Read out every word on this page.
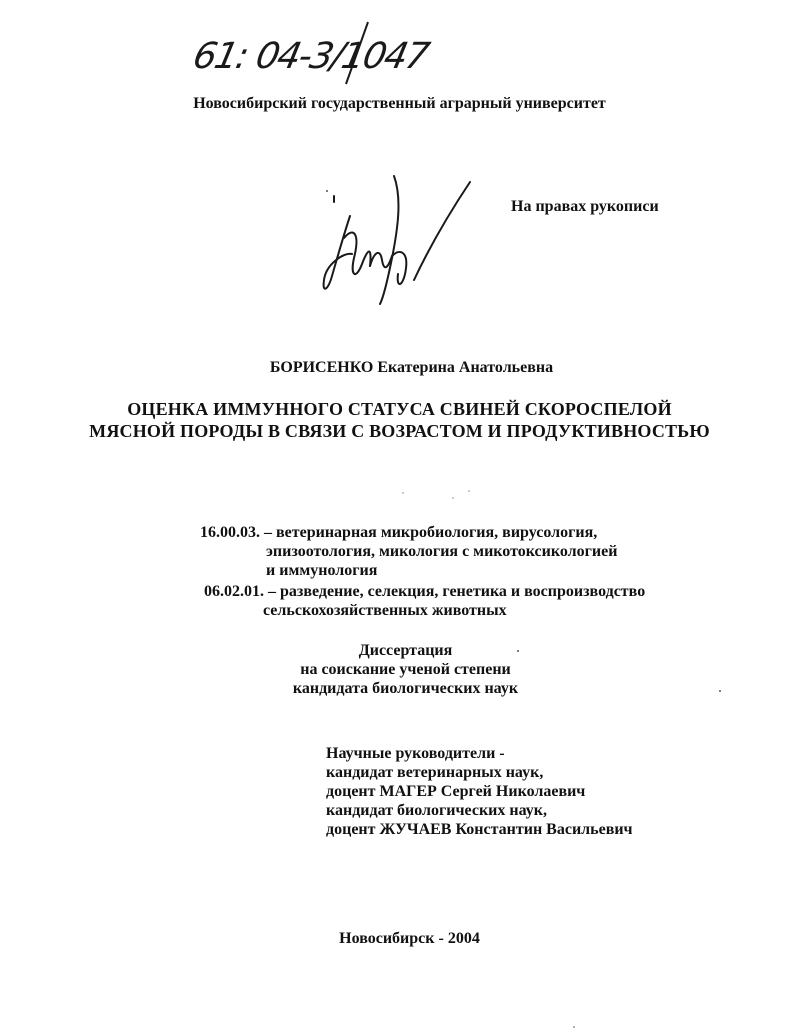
61: 04-3/1047
Новосибирский государственный аграрный университет
На правах рукописи
БОРИСЕНКО Екатерина Анатольевна
ОЦЕНКА ИММУННОГО СТАТУСА СВИНЕЙ СКОРОСПЕЛОЙ
МЯСНОЙ ПОРОДЫ В СВЯЗИ С ВОЗРАСТОМ И ПРОДУКТИВНОСТЬЮ
16.00.03. – ветеринарная микробиология, вирусология,
эпизоотология, микология с микотоксикологией
и иммунология
06.02.01. – разведение, селекция, генетика и воспроизводство
сельскохозяйственных животных
Диссертация
на соискание ученой степени
кандидата биологических наук
Научные руководители -
кандидат ветеринарных наук,
доцент МАГЕР Сергей Николаевич
кандидат биологических наук,
доцент ЖУЧАЕВ Константин Васильевич
Новосибирск - 2004
